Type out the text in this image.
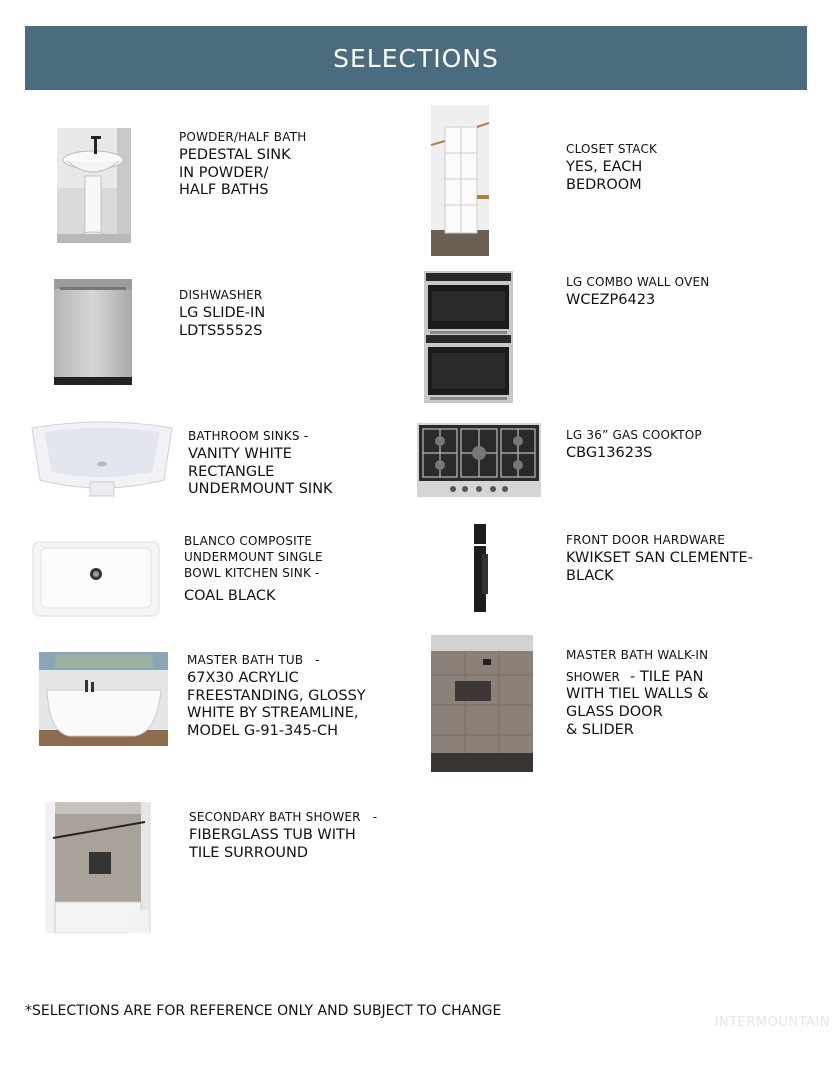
SELECTIONS
POWDER/HALF BATH
PEDESTAL SINK
IN POWDER/
HALF BATHS
CLOSET STACK
YES, EACH
BEDROOM
DISHWASHER
LG SLIDE-IN
LDTS5552S
LG COMBO WALL OVEN
WCEZP6423
BATHROOM SINKS -
VANITY WHITE
RECTANGLE
UNDERMOUNT SINK
LG 36” GAS COOKTOP
CBG13623S
BLANCO COMPOSITE
UNDERMOUNT SINGLE
BOWL KITCHEN SINK -
COAL BLACK
FRONT DOOR HARDWARE
KWIKSET SAN CLEMENTE-
BLACK
MASTER BATH TUB   -
67X30 ACRYLIC
FREESTANDING, GLOSSY
WHITE BY STREAMLINE,
MODEL G-91-345-CH
MASTER BATH WALK-IN
SHOWER - TILE PAN
WITH TIEL WALLS &
GLASS DOOR
& SLIDER
SECONDARY BATH SHOWER   -
FIBERGLASS TUB WITH
TILE SURROUND
*SELECTIONS ARE FOR REFERENCE ONLY AND SUBJECT TO CHANGE
INTERMOUNTAIN
